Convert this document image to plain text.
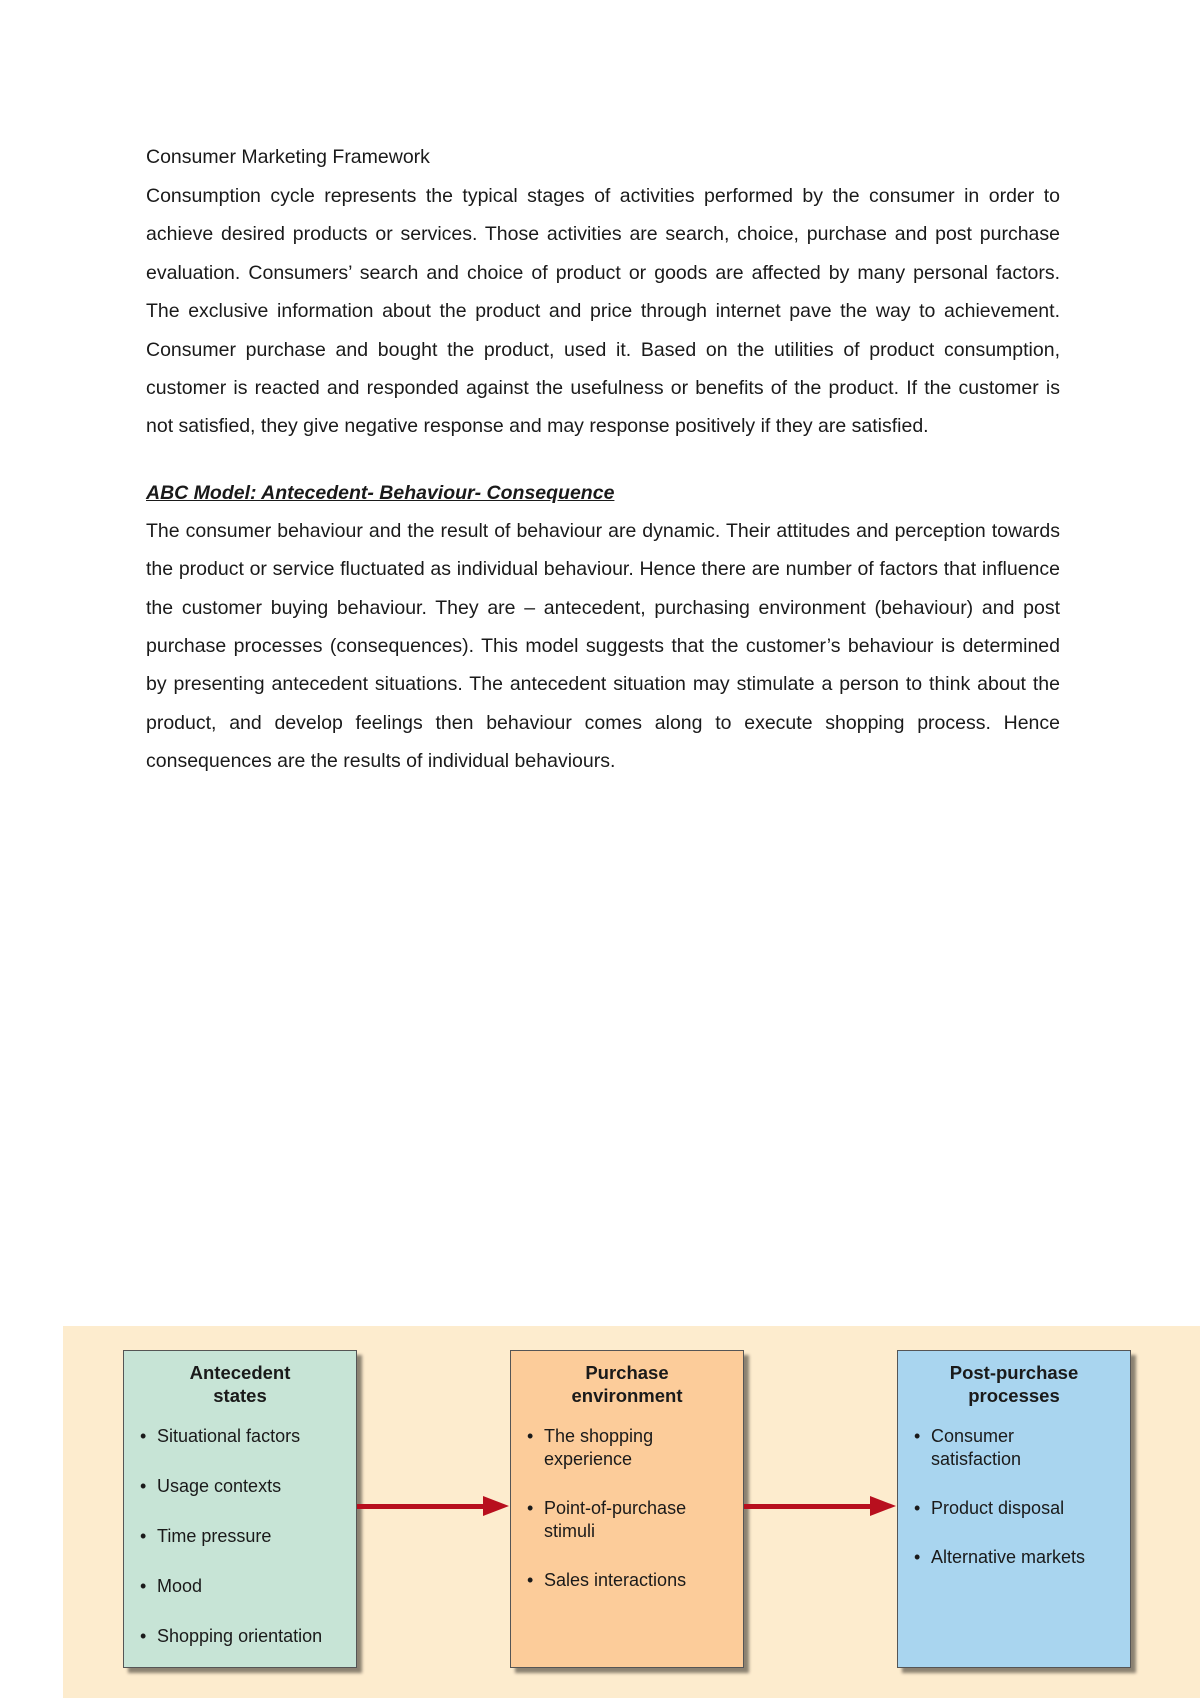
Consumer Marketing Framework

Consumption cycle represents the typical stages of activities performed by the consumer in order to achieve desired products or services. Those activities are search, choice, purchase and post purchase evaluation. Consumers’ search and choice of product or goods are affected by many personal factors. The exclusive information about the product and price through internet pave the way to achievement. Consumer purchase and bought the product, used it. Based on the utilities of product consumption, customer is reacted and responded against the usefulness or benefits of the product. If the customer is not satisfied, they give negative response and may response positively if they are satisfied.

ABC Model: Antecedent- Behaviour- Consequence

The consumer behaviour and the result of behaviour are dynamic. Their attitudes and perception towards the product or service fluctuated as individual behaviour. Hence there are number of factors that influence the customer buying behaviour. They are – antecedent, purchasing environment (behaviour) and post purchase processes (consequences). This model suggests that the customer’s behaviour is determined by presenting antecedent situations. The antecedent situation may stimulate a person to think about the product, and develop feelings then behaviour comes along to execute shopping process. Hence consequences are the results of individual behaviours.

Antecedent
states
• Situational factors
• Usage contexts
• Time pressure
• Mood
• Shopping orientation
Purchase
environment
• The shopping
experience
• Point-of-purchase
stimuli
• Sales interactions
Post-purchase
processes
• Consumer
satisfaction
• Product disposal
• Alternative markets
